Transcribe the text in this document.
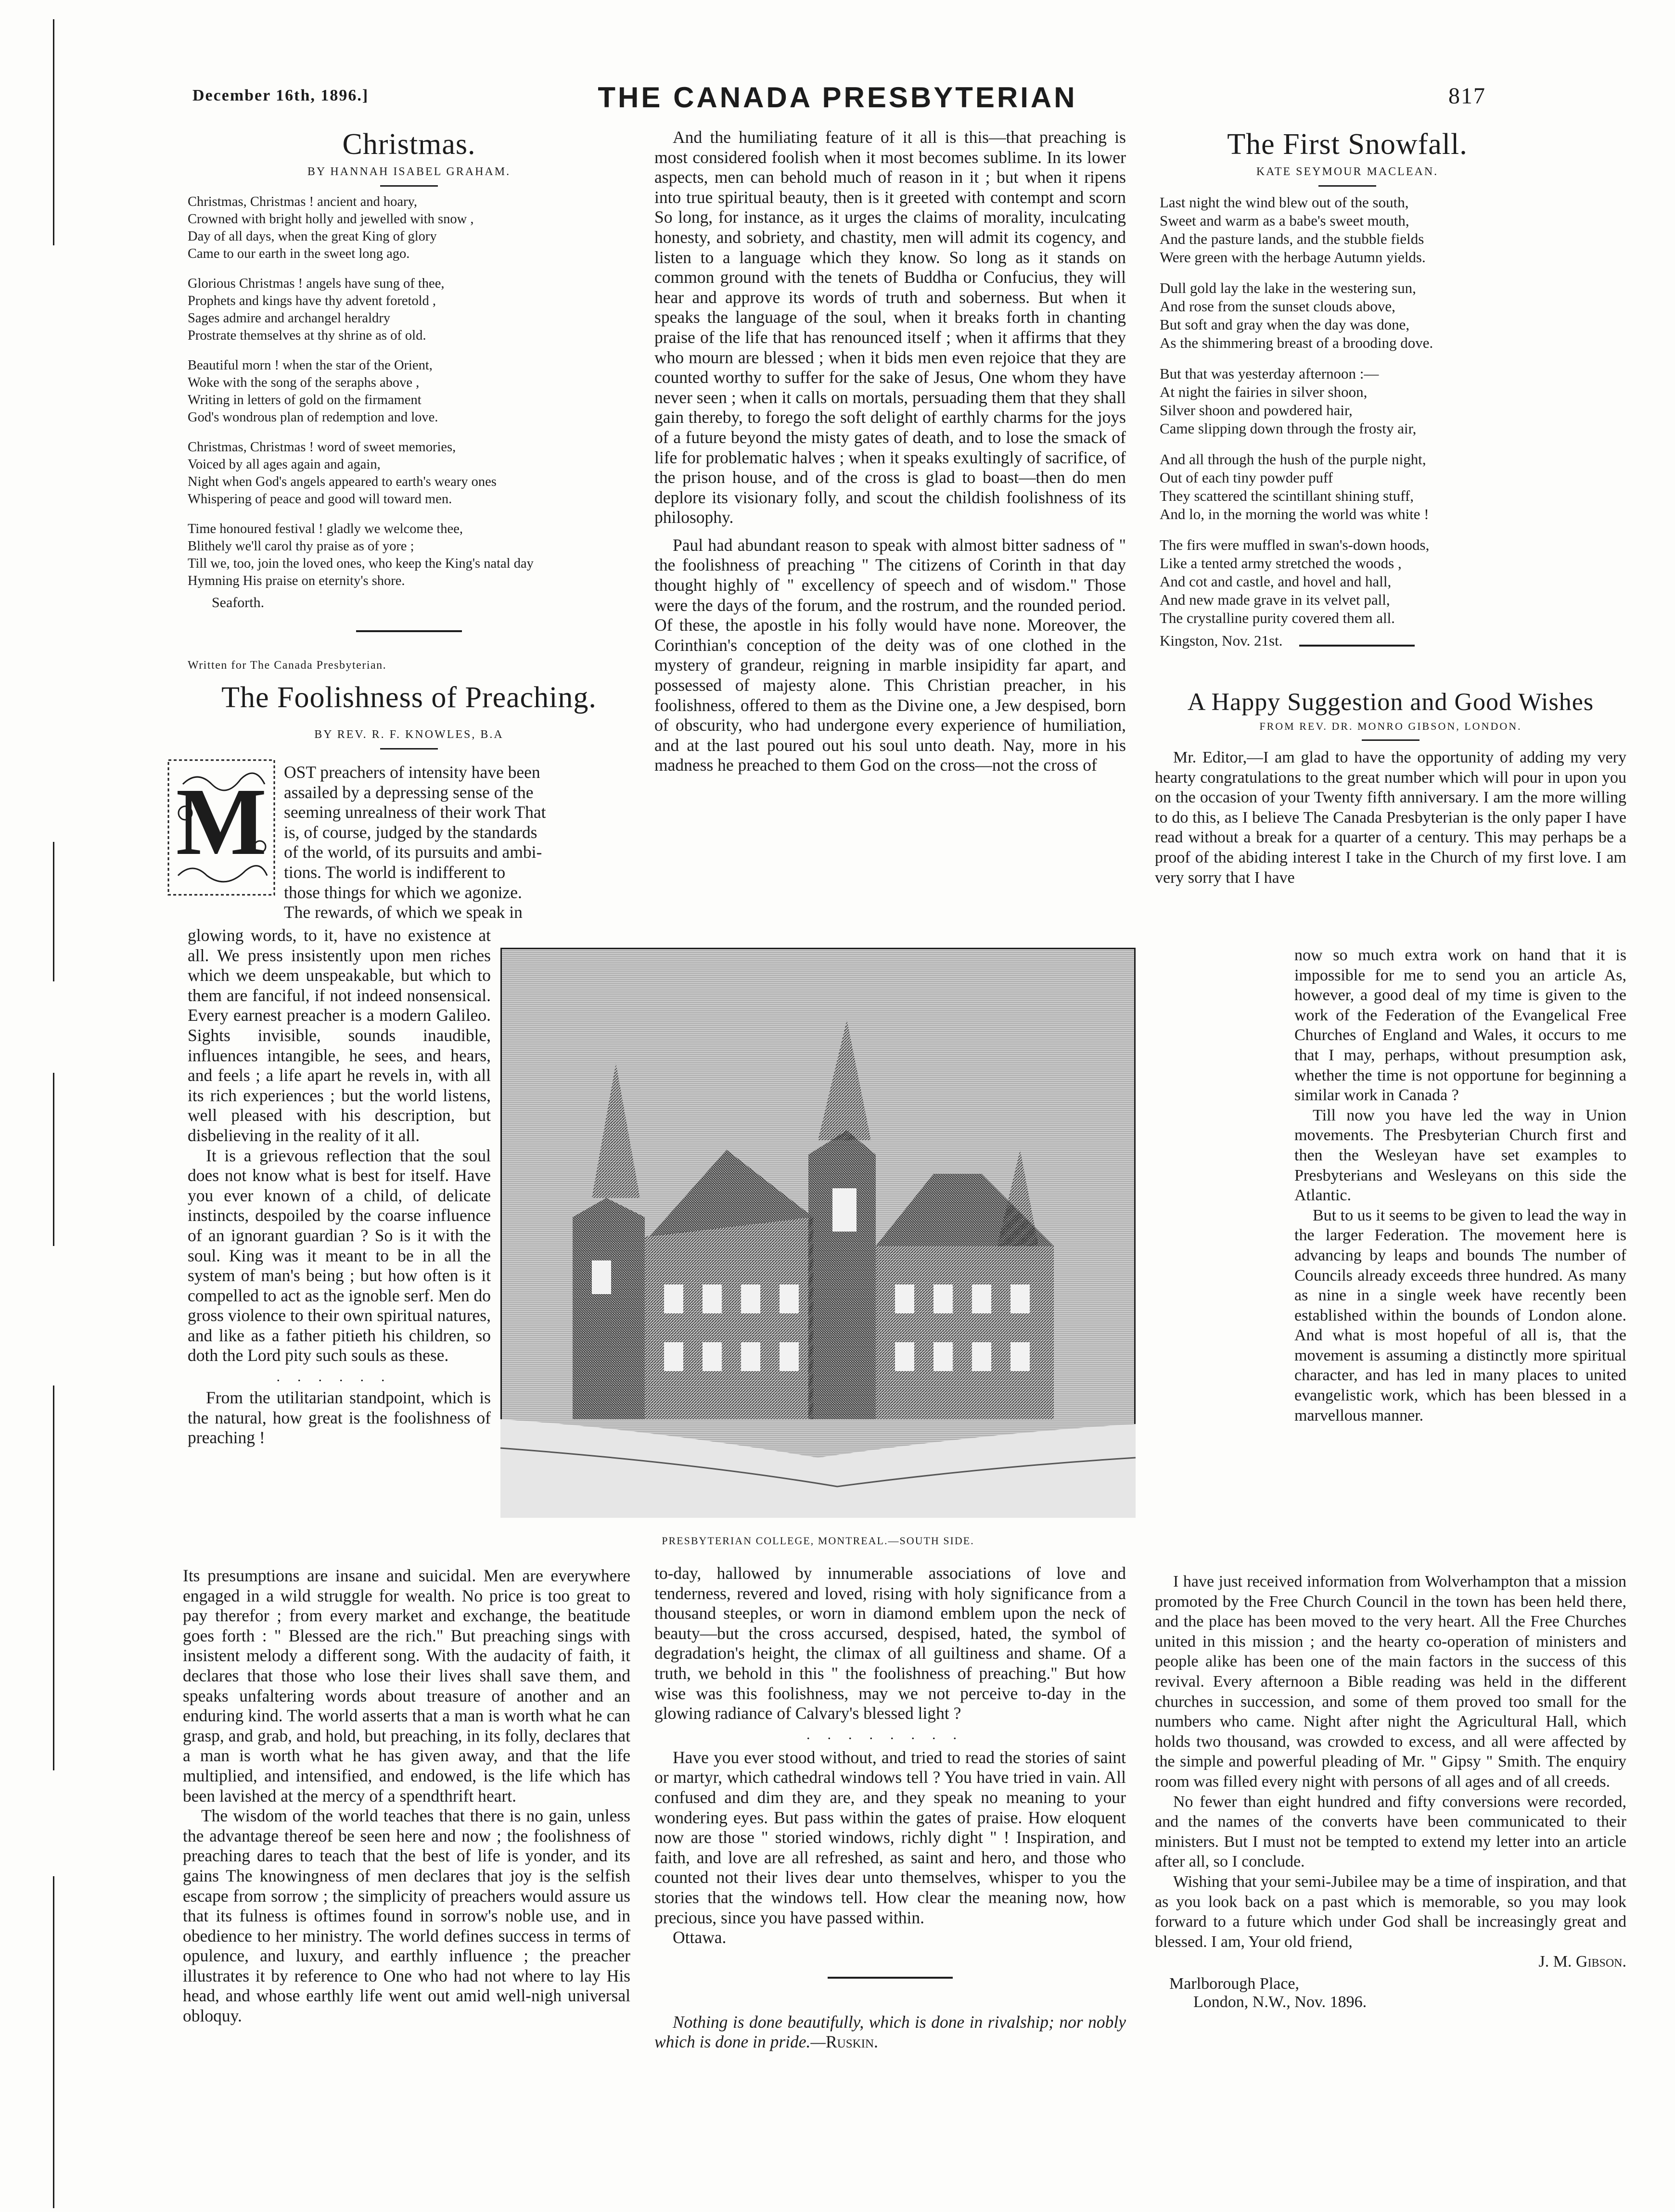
December 16th, 1896.]	THE CANADA PRESBYTERIAN	817
Christmas.

BY HANNAH ISABEL GRAHAM.

Christmas, Christmas ! ancient and hoary,
Crowned with bright holly and jewelled with snow ,
Day of all days, when the great King of glory
Came to our earth in the sweet long ago.

Glorious Christmas ! angels have sung of thee,
Prophets and kings have thy advent foretold ,
Sages admire and archangel heraldry
Prostrate themselves at thy shrine as of old.

Beautiful morn ! when the star of the Orient,
Woke with the song of the seraphs above ,
Writing in letters of gold on the firmament
God's wondrous plan of redemption and love.

Christmas, Christmas ! word of sweet memories,
Voiced by all ages again and again,
Night when God's angels appeared to earth's weary ones
Whispering of peace and good will toward men.

Time honoured festival ! gladly we welcome thee,
Blithely we'll carol thy praise as of yore ;
Till we, too, join the loved ones, who keep the King's natal day
Hymning His praise on eternity's shore.

Seaforth.

Written for The Canada Presbyterian.

The Foolishness of Preaching.

BY REV. R. F. KNOWLES, B.A

M OST preachers of intensity have been
assailed by a depressing sense of the
seeming unrealness of their work That
is, of course, judged by the standards
of the world, of its pursuits and ambi-
tions. The world is indifferent to
those things for which we agonize.
The rewards, of which we speak in

glowing words, to it, have no existence at all. We press insistently upon men riches which we deem unspeakable, but which to them are fanciful, if not indeed nonsensical. Every earnest preacher is a modern Galileo. Sights invisible, sounds inaudible, influences intangible, he sees, and hears, and feels ; a life apart he revels in, with all its rich experiences ; but the world listens, well pleased with his description, but disbelieving in the reality of it all.

It is a grievous reflection that the soul does not know what is best for itself. Have you ever known of a child, of delicate instincts, despoiled by the coarse influence of an ignorant guardian ? So is it with the soul. King was it meant to be in all the system of man's being ; but how often is it compelled to act as the ignoble serf. Men do gross violence to their own spiritual natures, and like as a father pitieth his children, so doth the Lord pity such souls as these.

......

From the utilitarian standpoint, which is the natural, how great is the foolishness of preaching !

Its presumptions are insane and suicidal. Men are everywhere engaged in a wild struggle for wealth. No price is too great to pay therefor ; from every market and exchange, the beatitude goes forth : " Blessed are the rich." But preaching sings with insistent melody a different song. With the audacity of faith, it declares that those who lose their lives shall save them, and speaks unfaltering words about treasure of another and an enduring kind. The world asserts that a man is worth what he can grasp, and grab, and hold, but preaching, in its folly, declares that a man is worth what he has given away, and that the life multiplied, and intensified, and endowed, is the life which has been lavished at the mercy of a spendthrift heart.

The wisdom of the world teaches that there is no gain, unless the advantage thereof be seen here and now ; the foolishness of preaching dares to teach that the best of life is yonder, and its gains The knowingness of men declares that joy is the selfish escape from sorrow ; the simplicity of preachers would assure us that its fulness is oftimes found in sorrow's noble use, and in obedience to her ministry. The world defines success in terms of opulence, and luxury, and earthly influence ; the preacher illustrates it by reference to One who had not where to lay His head, and whose earthly life went out amid well-nigh universal obloquy.

And the humiliating feature of it all is this—that preaching is most considered foolish when it most becomes sublime. In its lower aspects, men can behold much of reason in it ; but when it ripens into true spiritual beauty, then is it greeted with contempt and scorn So long, for instance, as it urges the claims of morality, inculcating honesty, and sobriety, and chastity, men will admit its cogency, and listen to a language which they know. So long as it stands on common ground with the tenets of Buddha or Confucius, they will hear and approve its words of truth and soberness. But when it speaks the language of the soul, when it breaks forth in chanting praise of the life that has renounced itself ; when it affirms that they who mourn are blessed ; when it bids men even rejoice that they are counted worthy to suffer for the sake of Jesus, One whom they have never seen ; when it calls on mortals, persuading them that they shall gain thereby, to forego the soft delight of earthly charms for the joys of a future beyond the misty gates of death, and to lose the smack of life for problematic halves ; when it speaks exultingly of sacrifice, of the prison house, and of the cross is glad to boast—then do men deplore its visionary folly, and scout the childish foolishness of its philosophy.

Paul had abundant reason to speak with almost bitter sadness of " the foolishness of preaching " The citizens of Corinth in that day thought highly of " excellency of speech and of wisdom." Those were the days of the forum, and the rostrum, and the rounded period. Of these, the apostle in his folly would have none. Moreover, the Corinthian's conception of the deity was of one clothed in the mystery of grandeur, reigning in marble insipidity far apart, and possessed of majesty alone. This Christian preacher, in his foolishness, offered to them as the Divine one, a Jew despised, born of obscurity, who had undergone every experience of humiliation, and at the last poured out his soul unto death. Nay, more in his madness he preached to them God on the cross—not the cross of

PRESBYTERIAN COLLEGE, MONTREAL.—SOUTH SIDE.

to-day, hallowed by innumerable associations of love and tenderness, revered and loved, rising with holy significance from a thousand steeples, or worn in diamond emblem upon the neck of beauty—but the cross accursed, despised, hated, the symbol of degradation's height, the climax of all guiltiness and shame. Of a truth, we behold in this " the foolishness of preaching." But how wise was this foolishness, may we not perceive to-day in the glowing radiance of Calvary's blessed light ?

........

Have you ever stood without, and tried to read the stories of saint or martyr, which cathedral windows tell ? You have tried in vain. All confused and dim they are, and they speak no meaning to your wondering eyes. But pass within the gates of praise. How eloquent now are those " storied windows, richly dight " ! Inspiration, and faith, and love are all refreshed, as saint and hero, and those who counted not their lives dear unto themselves, whisper to you the stories that the windows tell. How clear the meaning now, how precious, since you have passed within.

Ottawa.

Nothing is done beautifully, which is done in rivalship; nor nobly which is done in pride.—Ruskin.

The First Snowfall.

KATE SEYMOUR MACLEAN.

Last night the wind blew out of the south,
Sweet and warm as a babe's sweet mouth,
And the pasture lands, and the stubble fields
Were green with the herbage Autumn yields.

Dull gold lay the lake in the westering sun,
And rose from the sunset clouds above,
But soft and gray when the day was done,
As the shimmering breast of a brooding dove.

But that was yesterday afternoon :—
At night the fairies in silver shoon,
Silver shoon and powdered hair,
Came slipping down through the frosty air,

And all through the hush of the purple night,
Out of each tiny powder puff
They scattered the scintillant shining stuff,
And lo, in the morning the world was white !

The firs were muffled in swan's-down hoods,
Like a tented army stretched the woods ,
And cot and castle, and hovel and hall,
And new made grave in its velvet pall,
The crystalline purity covered them all.

Kingston, Nov. 21st.

A Happy Suggestion and Good Wishes

FROM REV. DR. MONRO GIBSON, LONDON.

Mr. Editor,—I am glad to have the opportunity of adding my very hearty congratulations to the great number which will pour in upon you on the occasion of your Twenty fifth anniversary. I am the more willing to do this, as I believe The Canada Presbyterian is the only paper I have read without a break for a quarter of a century. This may perhaps be a proof of the abiding interest I take in the Church of my first love. I am very sorry that I have

now so much extra work on hand that it is impossible for me to send you an article As, however, a good deal of my time is given to the work of the Federation of the Evangelical Free Churches of England and Wales, it occurs to me that I may, perhaps, without presumption ask, whether the time is not opportune for beginning a similar work in Canada ?

Till now you have led the way in Union movements. The Presbyterian Church first and then the Wesleyan have set examples to Presbyterians and Wesleyans on this side the Atlantic.

But to us it seems to be given to lead the way in the larger Federation. The movement here is advancing by leaps and bounds The number of Councils already exceeds three hundred. As many as nine in a single week have recently been established within the bounds of London alone. And what is most hopeful of all is, that the movement is assuming a distinctly more spiritual character, and has led in many places to united evangelistic work, which has been blessed in a marvellous manner.

I have just received information from Wolverhampton that a mission promoted by the Free Church Council in the town has been held there, and the place has been moved to the very heart. All the Free Churches united in this mission ; and the hearty co-operation of ministers and people alike has been one of the main factors in the success of this revival. Every afternoon a Bible reading was held in the different churches in succession, and some of them proved too small for the numbers who came. Night after night the Agricultural Hall, which holds two thousand, was crowded to excess, and all were affected by the simple and powerful pleading of Mr. " Gipsy " Smith. The enquiry room was filled every night with persons of all ages and of all creeds.

No fewer than eight hundred and fifty conversions were recorded, and the names of the converts have been communicated to their ministers. But I must not be tempted to extend my letter into an article after all, so I conclude.

Wishing that your semi-Jubilee may be a time of inspiration, and that as you look back on a past which is memorable, so you may look forward to a future which under God shall be increasingly great and blessed. I am, Your old friend,

J. M. Gibson.

Marlborough Place,

London, N.W., Nov. 1896.
